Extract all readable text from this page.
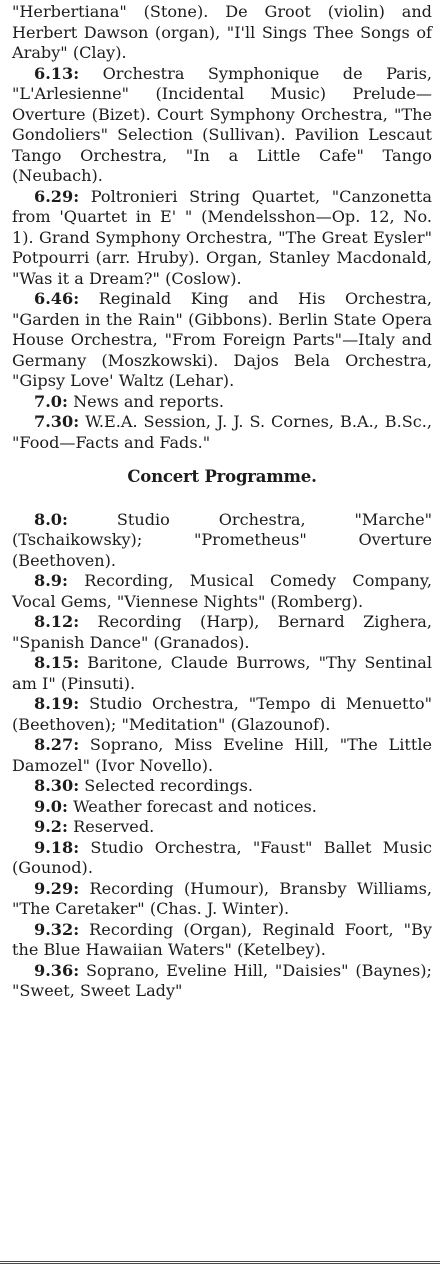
"Herbertiana" (Stone). De Groot (violin) and Herbert Dawson (organ), "I'll Sings Thee Songs of Araby" (Clay).

6.13: Orchestra Symphonique de Paris, "L'Arlesienne" (Incidental Music) Prelude—Overture (Bizet). Court Symphony Orchestra, "The Gondoliers" Selection (Sullivan). Pavilion Lescaut Tango Orchestra, "In a Little Cafe" Tango (Neubach).

6.29: Poltronieri String Quartet, "Canzonetta from 'Quartet in E' " (Mendelsshon—Op. 12, No. 1). Grand Symphony Orchestra, "The Great Eysler" Potpourri (arr. Hruby). Organ, Stanley Macdonald, "Was it a Dream?" (Coslow).

6.46: Reginald King and His Orchestra, "Garden in the Rain" (Gibbons). Berlin State Opera House Orchestra, "From Foreign Parts"—Italy and Germany (Moszkowski). Dajos Bela Orchestra, "Gipsy Love' Waltz (Lehar).

7.0: News and reports.

7.30: W.E.A. Session, J. J. S. Cornes, B.A., B.Sc., "Food—Facts and Fads."

Concert Programme.

8.0:	Studio Orchestra, "Marche" (Tschaikowsky); "Prometheus" Overture (Beethoven).

8.9: Recording, Musical Comedy Company, Vocal Gems, "Viennese Nights" (Romberg).

8.12: Recording (Harp), Bernard Zighera, "Spanish Dance" (Granados).

8.15: Baritone, Claude Burrows, "Thy Sentinal am I" (Pinsuti).

8.19: Studio Orchestra, "Tempo di Menuetto" (Beethoven); "Meditation" (Glazounof).

8.27: Soprano, Miss Eveline Hill, "The Little Damozel" (Ivor Novello).

8.30: Selected recordings.

9.0: Weather forecast and notices.

9.2: Reserved.

9.18: Studio Orchestra, "Faust" Ballet Music (Gounod).

9.29: Recording (Humour), Bransby Williams, "The Caretaker" (Chas. J. Winter).

9.32: Recording (Organ), Reginald Foort, "By the Blue Hawaiian Waters" (Ketelbey).

9.36: Soprano, Eveline Hill, "Daisies" (Baynes); "Sweet, Sweet Lady"
